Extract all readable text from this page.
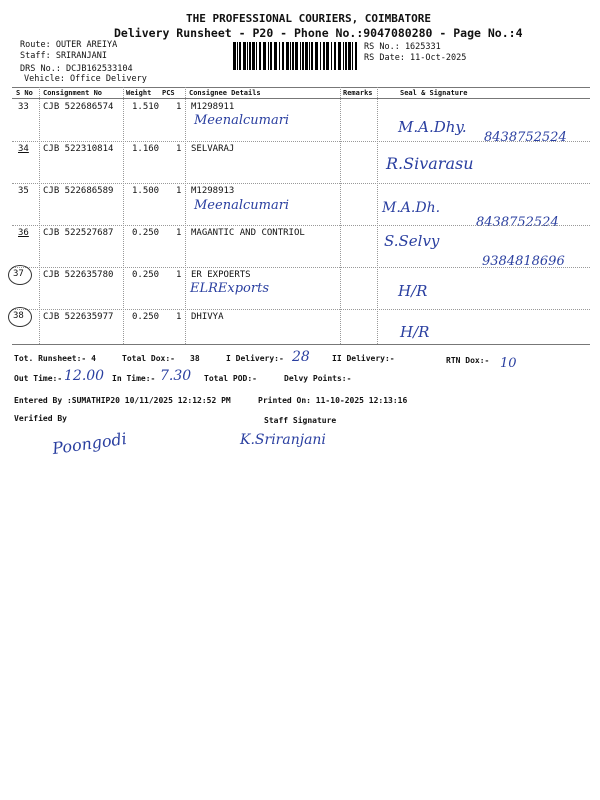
THE PROFESSIONAL COURIERS, COIMBATORE
Delivery Runsheet - P20 - Phone No.:9047080280 - Page No.:4
Route: OUTER AREIYA
Staff: SRIRANJANI
DRS No.: DCJB162533104
Vehicle: Office Delivery
RS No.: 1625331
RS Date: 11-Oct-2025
S No Consignment No	Weight PCS Consignee Details	Remarks	Seal & Signature
33 CJB 522686574 1.510 1 M1298911
Meenalcumari	M.A.Dhy.
8438752524
34 CJB 522310814 1.160 1 SELVARAJ
R.Sivarasu
35 CJB 522686589 1.500 1 M1298913
Meenalcumari	M.A.Dh.
8438752524
36 CJB 522527687 0.250 1 MAGANTIC AND CONTRIOL	S.Selvy
9384818696
37 CJB 522635780 0.250 1 ER EXPOERTS
ELRExports	H/R
38 CJB 522635977 0.250 1 DHIVYA
H/R
Tot. Runsheet:- 4	Total Dox:- 38	I Delivery:- 28	II Delivery:-	RTN Dox:- 10
Out Time:- 12.00 In Time:- 7.30 Total POD:-	Delvy Points:-
Entered By :SUMATHIP20 10/11/2025 12:12:52 PM	Printed On: 11-10-2025 12:13:16
Verified By	Staff Signature
Poongodi	K.Sriranjani
